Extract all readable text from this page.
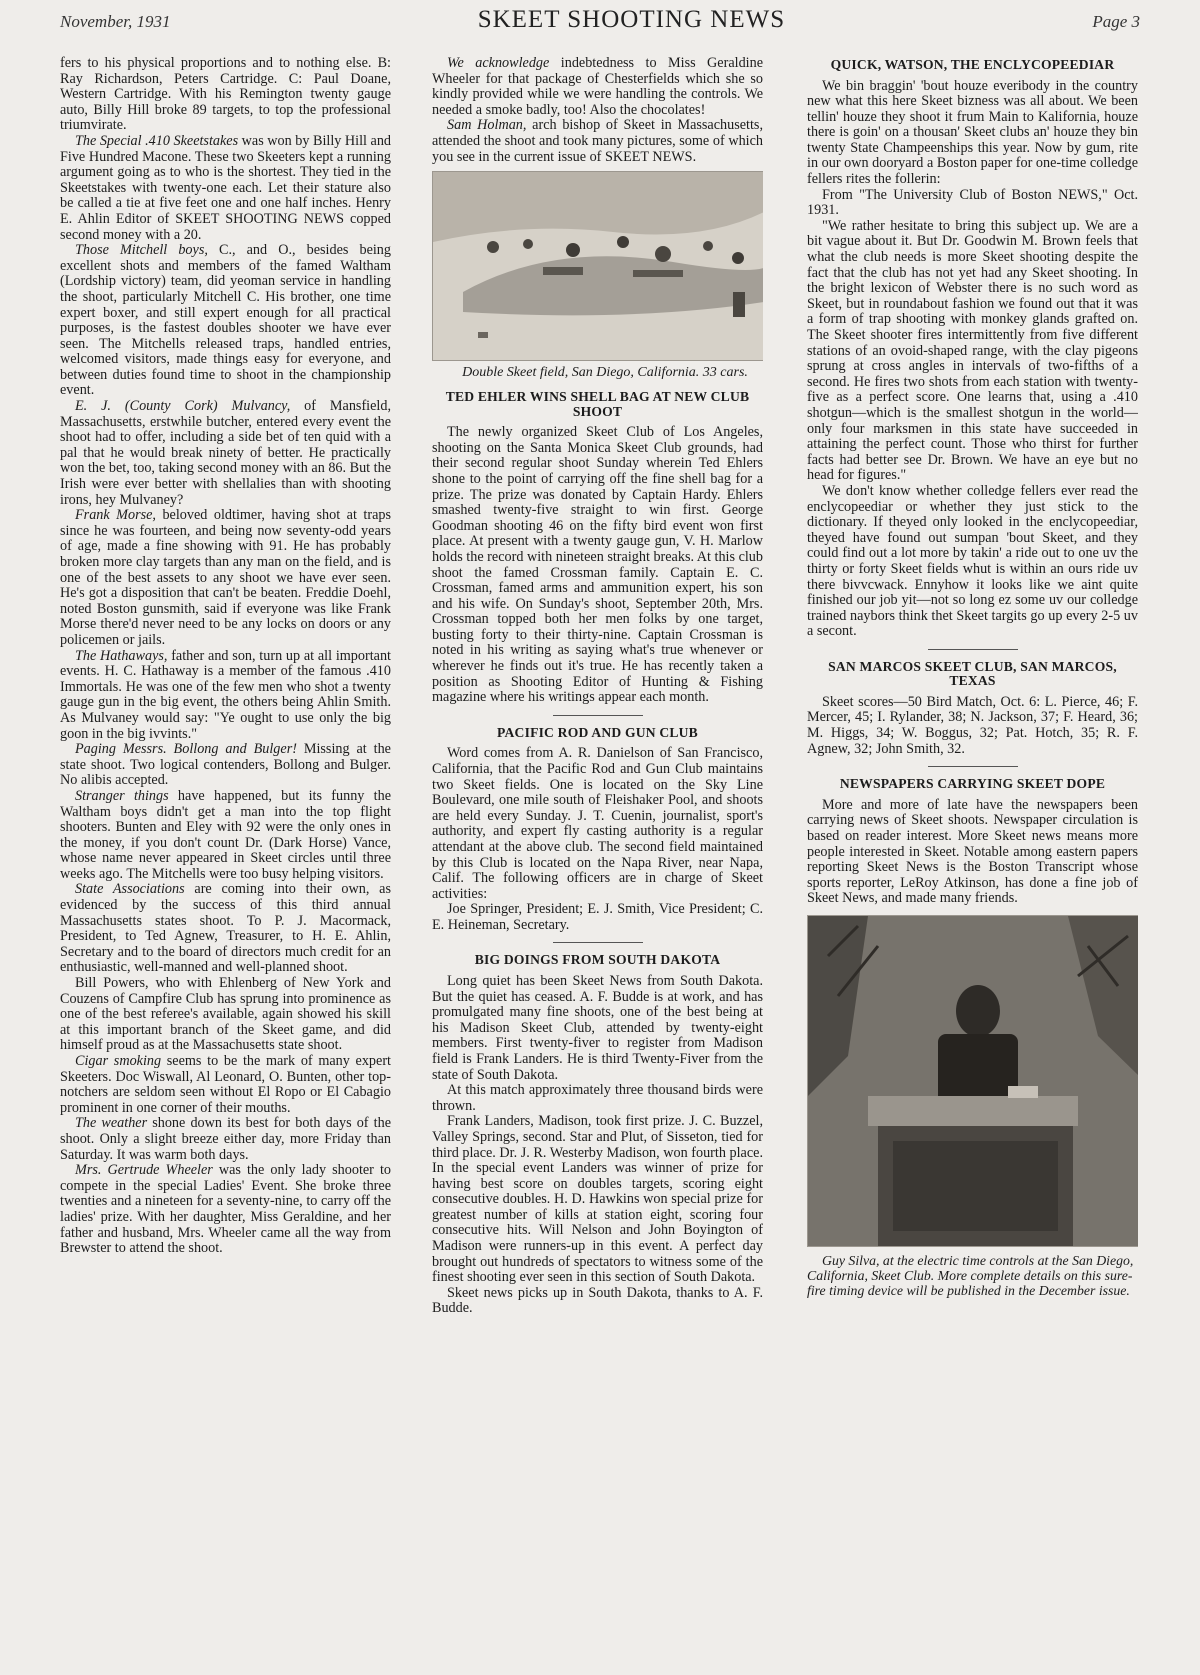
November, 1931	SKEET SHOOTING NEWS	Page 3

fers to his physical proportions and to nothing else. B: Ray Richardson, Peters Cartridge. C: Paul Doane, Western Cartridge. With his Remington twenty gauge auto, Billy Hill broke 89 targets, to top the professional triumvirate.

The Special .410 Skeetstakes was won by Billy Hill and Five Hundred Macone. These two Skeeters kept a running argument going as to who is the shortest. They tied in the Skeetstakes with twenty-one each. Let their stature also be called a tie at five feet one and one half inches. Henry E. Ahlin Editor of SKEET SHOOTING NEWS copped second money with a 20.

Those Mitchell boys, C., and O., besides being excellent shots and members of the famed Waltham (Lordship victory) team, did yeoman service in handling the shoot, particularly Mitchell C. His brother, one time expert boxer, and still expert enough for all practical purposes, is the fastest doubles shooter we have ever seen. The Mitchells released traps, handled entries, welcomed visitors, made things easy for everyone, and between duties found time to shoot in the championship event.

E. J. (County Cork) Mulvancy, of Mansfield, Massachusetts, erstwhile butcher, entered every event the shoot had to offer, including a side bet of ten quid with a pal that he would break ninety of better. He practically won the bet, too, taking second money with an 86. But the Irish were ever better with shellalies than with shooting irons, hey Mulvaney?

Frank Morse, beloved oldtimer, having shot at traps since he was fourteen, and being now seventy-odd years of age, made a fine showing with 91. He has probably broken more clay targets than any man on the field, and is one of the best assets to any shoot we have ever seen. He's got a disposition that can't be beaten. Freddie Doehl, noted Boston gunsmith, said if everyone was like Frank Morse there'd never need to be any locks on doors or any policemen or jails.

The Hathaways, father and son, turn up at all important events. H. C. Hathaway is a member of the famous .410 Immortals. He was one of the few men who shot a twenty gauge gun in the big event, the others being Ahlin Smith. As Mulvaney would say: "Ye ought to use only the big goon in the big ivvints."

Paging Messrs. Bollong and Bulger! Missing at the state shoot. Two logical contenders, Bollong and Bulger. No alibis accepted.

Stranger things have happened, but its funny the Waltham boys didn't get a man into the top flight shooters. Bunten and Eley with 92 were the only ones in the money, if you don't count Dr. (Dark Horse) Vance, whose name never appeared in Skeet circles until three weeks ago. The Mitchells were too busy helping visitors.

State Associations are coming into their own, as evidenced by the success of this third annual Massachusetts states shoot. To P. J. Macormack, President, to Ted Agnew, Treasurer, to H. E. Ahlin, Secretary and to the board of directors much credit for an enthusiastic, well-manned and well-planned shoot.

Bill Powers, who with Ehlenberg of New York and Couzens of Campfire Club has sprung into prominence as one of the best referee's available, again showed his skill at this important branch of the Skeet game, and did himself proud as at the Massachusetts state shoot.

Cigar smoking seems to be the mark of many expert Skeeters. Doc Wiswall, Al Leonard, O. Bunten, other top-notchers are seldom seen without El Ropo or El Cabagio prominent in one corner of their mouths.

The weather shone down its best for both days of the shoot. Only a slight breeze either day, more Friday than Saturday. It was warm both days.

Mrs. Gertrude Wheeler was the only lady shooter to compete in the special Ladies' Event. She broke three twenties and a nineteen for a seventy-nine, to carry off the ladies' prize. With her daughter, Miss Geraldine, and her father and husband, Mrs. Wheeler came all the way from Brewster to attend the shoot.

We acknowledge indebtedness to Miss Geraldine Wheeler for that package of Chesterfields which she so kindly provided while we were handling the controls. We needed a smoke badly, too! Also the chocolates!

Sam Holman, arch bishop of Skeet in Massachusetts, attended the shoot and took many pictures, some of which you see in the current issue of SKEET NEWS.

Double Skeet field, San Diego, California. 33 cars.

TED EHLER WINS SHELL BAG AT NEW CLUB SHOOT

The newly organized Skeet Club of Los Angeles, shooting on the Santa Monica Skeet Club grounds, had their second regular shoot Sunday wherein Ted Ehlers shone to the point of carrying off the fine shell bag for a prize. The prize was donated by Captain Hardy. Ehlers smashed twenty-five straight to win first. George Goodman shooting 46 on the fifty bird event won first place. At present with a twenty gauge gun, V. H. Marlow holds the record with nineteen straight breaks. At this club shoot the famed Crossman family. Captain E. C. Crossman, famed arms and ammunition expert, his son and his wife. On Sunday's shoot, September 20th, Mrs. Crossman topped both her men folks by one target, busting forty to their thirty-nine. Captain Crossman is noted in his writing as saying what's true whenever or wherever he finds out it's true. He has recently taken a position as Shooting Editor of Hunting & Fishing magazine where his writings appear each month.

PACIFIC ROD AND GUN CLUB

Word comes from A. R. Danielson of San Francisco, California, that the Pacific Rod and Gun Club maintains two Skeet fields. One is located on the Sky Line Boulevard, one mile south of Fleishaker Pool, and shoots are held every Sunday. J. T. Cuenin, journalist, sport's authority, and expert fly casting authority is a regular attendant at the above club. The second field maintained by this Club is located on the Napa River, near Napa, Calif. The following officers are in charge of Skeet activities:

Joe Springer, President; E. J. Smith, Vice President; C. E. Heineman, Secretary.

BIG DOINGS FROM SOUTH DAKOTA

Long quiet has been Skeet News from South Dakota. But the quiet has ceased. A. F. Budde is at work, and has promulgated many fine shoots, one of the best being at his Madison Skeet Club, attended by twenty-eight members. First twenty-fiver to register from Madison field is Frank Landers. He is third Twenty-Fiver from the state of South Dakota.

At this match approximately three thousand birds were thrown.

Frank Landers, Madison, took first prize. J. C. Buzzel, Valley Springs, second. Star and Plut, of Sisseton, tied for third place. Dr. J. R. Westerby Madison, won fourth place. In the special event Landers was winner of prize for having best score on doubles targets, scoring eight consecutive doubles. H. D. Hawkins won special prize for greatest number of kills at station eight, scoring four consecutive hits. Will Nelson and John Boyington of Madison were runners-up in this event. A perfect day brought out hundreds of spectators to witness some of the finest shooting ever seen in this section of South Dakota.

Skeet news picks up in South Dakota, thanks to A. F. Budde.

QUICK, WATSON, THE ENCLYCOPEEDIAR

We bin braggin' 'bout houze everibody in the country new what this here Skeet bizness was all about. We been tellin' houze they shoot it frum Main to Kalifornia, houze there is goin' on a thousan' Skeet clubs an' houze they bin twenty State Champeenships this year. Now by gum, rite in our own dooryard a Boston paper for one-time colledge fellers rites the follerin:

From "The University Club of Boston NEWS," Oct. 1931.

"We rather hesitate to bring this subject up. We are a bit vague about it. But Dr. Goodwin M. Brown feels that what the club needs is more Skeet shooting despite the fact that the club has not yet had any Skeet shooting. In the bright lexicon of Webster there is no such word as Skeet, but in roundabout fashion we found out that it was a form of trap shooting with monkey glands grafted on. The Skeet shooter fires intermittently from five different stations of an ovoid-shaped range, with the clay pigeons sprung at cross angles in intervals of two-fifths of a second. He fires two shots from each station with twenty-five as a perfect score. One learns that, using a .410 shotgun—which is the smallest shotgun in the world—only four marksmen in this state have succeeded in attaining the perfect count. Those who thirst for further facts had better see Dr. Brown. We have an eye but no head for figures."

We don't know whether colledge fellers ever read the enclycopeediar or whether they just stick to the dictionary. If theyed only looked in the enclycopeediar, theyed have found out sumpan 'bout Skeet, and they could find out a lot more by takin' a ride out to one uv the thirty or forty Skeet fields whut is within an ours ride uv there bivvcwack. Ennyhow it looks like we aint quite finished our job yit—not so long ez some uv our colledge trained naybors think thet Skeet targits go up every 2-5 uv a secont.

SAN MARCOS SKEET CLUB, SAN MARCOS, TEXAS

Skeet scores—50 Bird Match, Oct. 6: L. Pierce, 46; F. Mercer, 45; I. Rylander, 38; N. Jackson, 37; F. Heard, 36; M. Higgs, 34; W. Boggus, 32; Pat. Hotch, 35; R. F. Agnew, 32; John Smith, 32.

NEWSPAPERS CARRYING SKEET DOPE

More and more of late have the newspapers been carrying news of Skeet shoots. Newspaper circulation is based on reader interest. More Skeet news means more people interested in Skeet. Notable among eastern papers reporting Skeet News is the Boston Transcript whose sports reporter, LeRoy Atkinson, has done a fine job of Skeet News, and made many friends.

Guy Silva, at the electric time controls at the San Diego, California, Skeet Club. More complete details on this sure-fire timing device will be published in the December issue.
